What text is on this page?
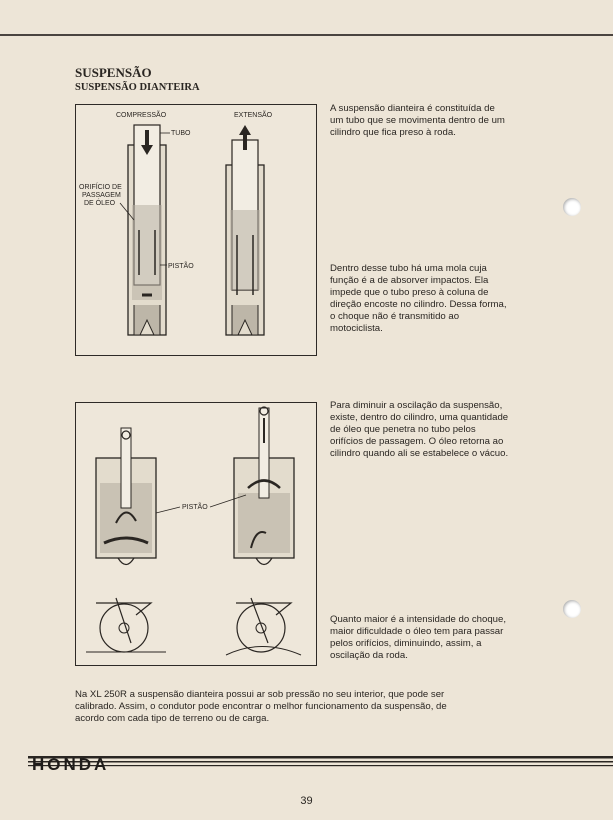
SUSPENSÃO
SUSPENSÃO DIANTEIRA
COMPRESSÃO	EXTENSÃO
TUBO
ORIFÍCIO DE
PASSAGEM
DE ÓLEO
PISTÃO
PISTÃO
A suspensão dianteira é constituída de um tubo que se movimenta dentro de um cilindro que fica preso à roda.
Dentro desse tubo há uma mola cuja função é a de absorver impactos. Ela impede que o tubo preso à coluna de direção encoste no cilindro. Dessa forma, o choque não é transmitido ao motociclista.
Para diminuir a oscilação da suspensão, existe, dentro do cilindro, uma quantidade de óleo que penetra no tubo pelos orifícios de passagem. O óleo retorna ao cilindro quando ali se estabelece o vácuo.
Quanto maior é a intensidade do choque, maior dificuldade o óleo tem para passar pelos orifícios, diminuindo, assim, a oscilação da roda.
Na XL 250R a suspensão dianteira possui ar sob pressão no seu interior, que pode ser calibrado. Assim, o condutor pode encontrar o melhor funcionamento da suspensão, de acordo com cada tipo de terreno ou de carga.
HONDA
39
